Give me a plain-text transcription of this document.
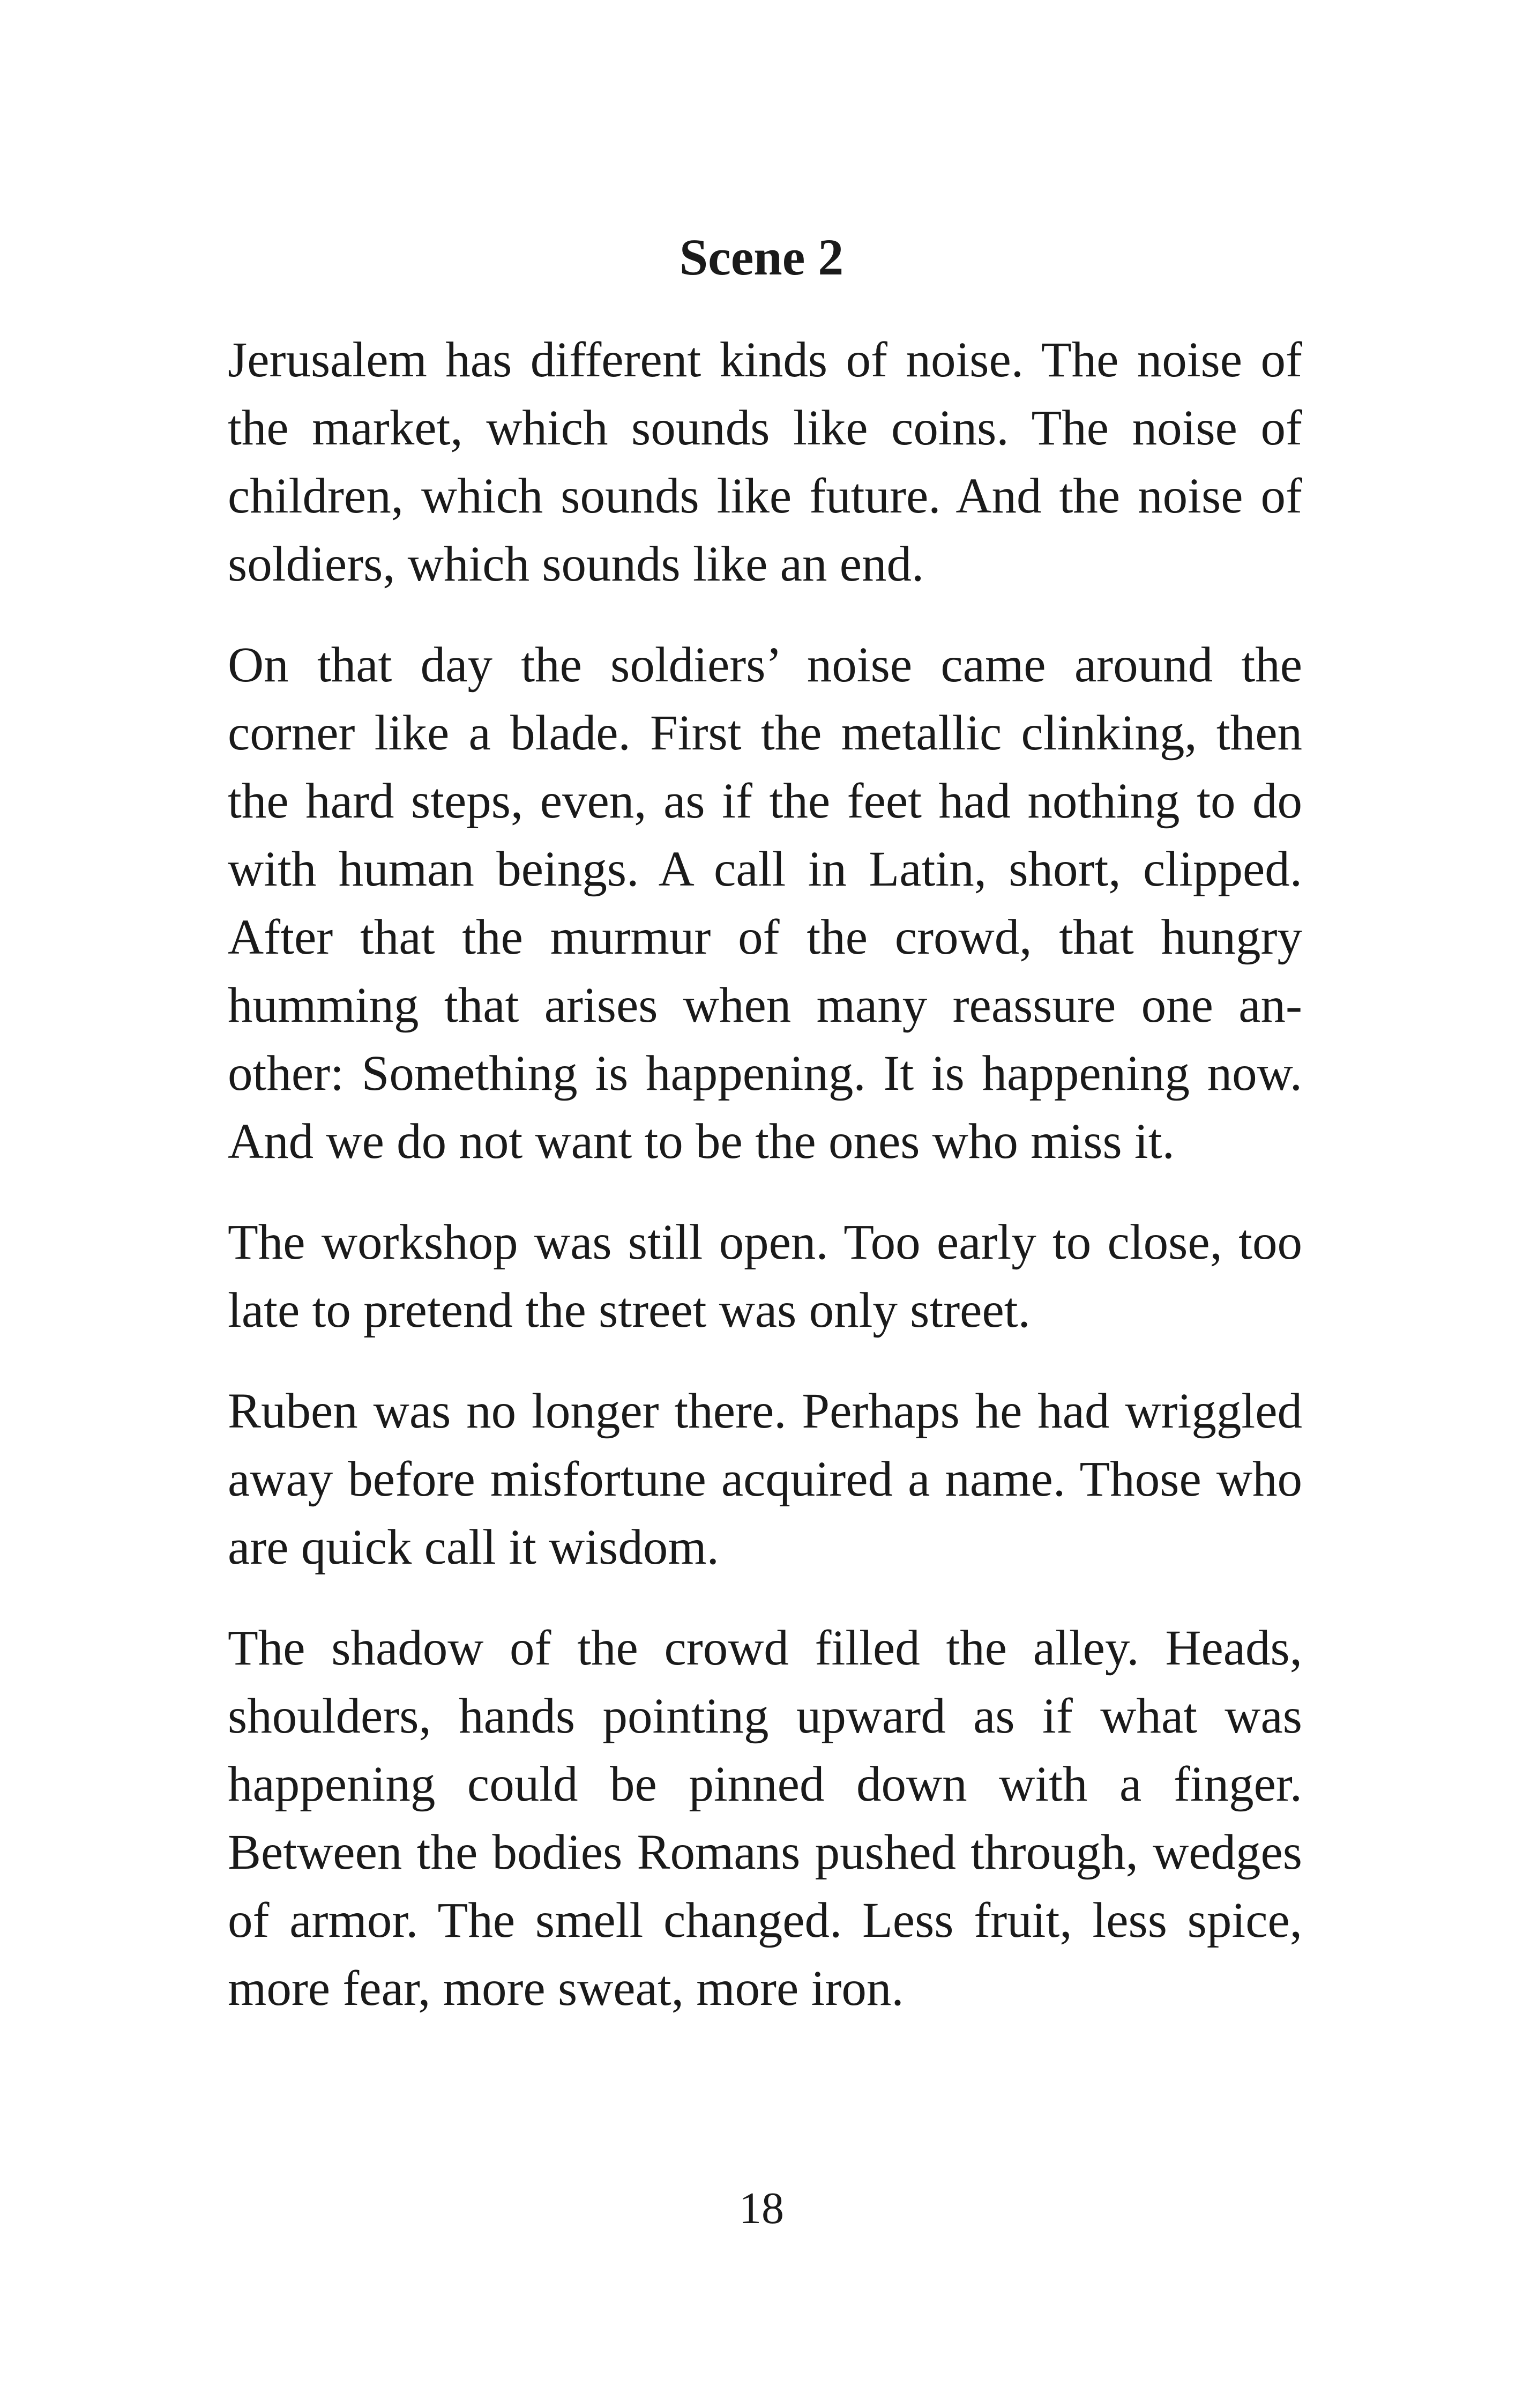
Scene 2

Jerusalem has different kinds of noise. The noise of the market, which sounds like coins. The noise of children, which sounds like future. And the noise of soldiers, which sounds like an end.

On that day the soldiers’ noise came around the corner like a blade. First the metallic clinking, then the hard steps, even, as if the feet had nothing to do with human beings. A call in Latin, short, clipped. After that the murmur of the crowd, that hungry humming that arises when many reassure one another: Something is happening. It is happening now. And we do not want to be the ones who miss it.

The workshop was still open. Too early to close, too late to pretend the street was only street.

Ruben was no longer there. Perhaps he had wriggled away before misfortune acquired a name. Those who are quick call it wisdom.

The shadow of the crowd filled the alley. Heads, shoulders, hands pointing upward as if what was happening could be pinned down with a finger. Between the bodies Romans pushed through, wedges of armor. The smell changed. Less fruit, less spice, more fear, more sweat, more iron.

18
